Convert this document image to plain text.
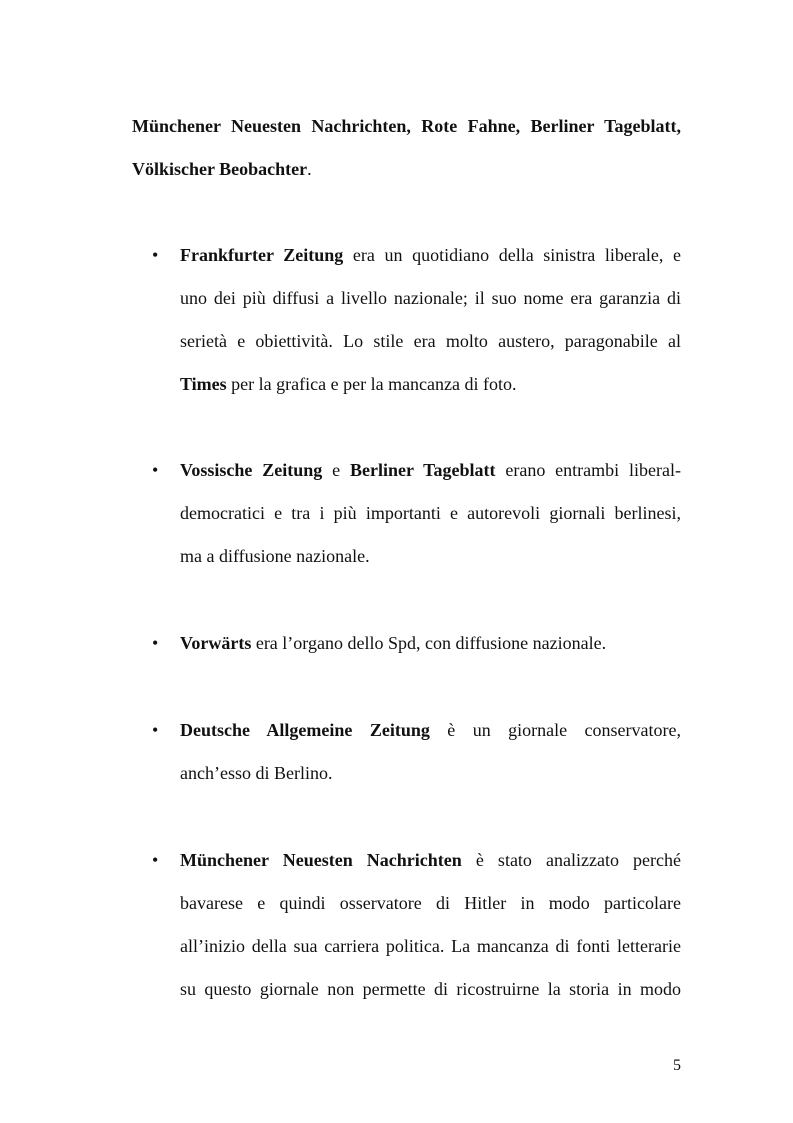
Münchener Neuesten Nachrichten, Rote Fahne, Berliner Tageblatt,
Völkischer Beobachter.
• Frankfurter Zeitung era un quotidiano della sinistra liberale, e
uno dei più diffusi a livello nazionale; il suo nome era garanzia di
serietà e obiettività. Lo stile era molto austero, paragonabile al
Times per la grafica e per la mancanza di foto.
• Vossische Zeitung e Berliner Tageblatt erano entrambi liberal-
democratici e tra i più importanti e autorevoli giornali berlinesi,
ma a diffusione nazionale.
• Vorwärts era l’organo dello Spd, con diffusione nazionale.
• Deutsche Allgemeine Zeitung è un giornale conservatore,
anch’esso di Berlino.
• Münchener Neuesten Nachrichten è stato analizzato perché
bavarese e quindi osservatore di Hitler in modo particolare
all’inizio della sua carriera politica. La mancanza di fonti letterarie
su questo giornale non permette di ricostruirne la storia in modo
5
